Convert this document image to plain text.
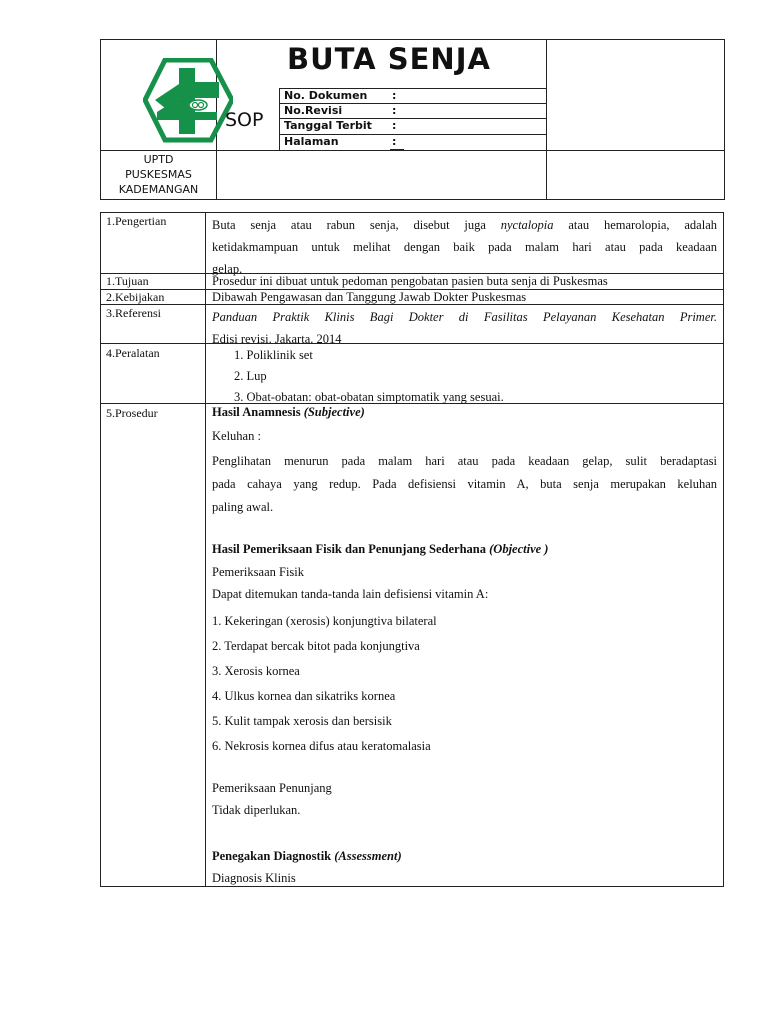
BUTA SENJA
SOP
No. Dokumen :
No.Revisi	:
Tanggal Terbit :
Halaman	:
UPTD
PUSKESMAS
KADEMANGAN
1.Pengertian	Buta senja atau rabun senja, disebut juga nyctalopia atau hemarolopia, adalah
ketidakmampuan untuk melihat dengan baik pada malam hari atau pada keadaan
gelap.
1.Tujuan	Prosedur ini dibuat untuk pedoman pengobatan pasien buta senja di Puskesmas
2.Kebijakan	Dibawah Pengawasan dan Tanggung Jawab Dokter Puskesmas
3.Referensi	Panduan Praktik Klinis Bagi Dokter di Fasilitas Pelayanan Kesehatan Primer.
Edisi revisi. Jakarta. 2014
4.Peralatan	1. Poliklinik set
2. Lup
3. Obat-obatan: obat-obatan simptomatik yang sesuai.
5.Prosedur	Hasil Anamnesis (Subjective)
Keluhan :
Penglihatan menurun pada malam hari atau pada keadaan gelap, sulit beradaptasi
pada cahaya yang redup. Pada defisiensi vitamin A, buta senja merupakan keluhan
paling awal.
Hasil Pemeriksaan Fisik dan Penunjang Sederhana (Objective )
Pemeriksaan Fisik
Dapat ditemukan tanda-tanda lain defisiensi vitamin A:
1. Kekeringan (xerosis) konjungtiva bilateral
2. Terdapat bercak bitot pada konjungtiva
3. Xerosis kornea
4. Ulkus kornea dan sikatriks kornea
5. Kulit tampak xerosis dan bersisik
6. Nekrosis kornea difus atau keratomalasia
Pemeriksaan Penunjang
Tidak diperlukan.
Penegakan Diagnostik (Assessment)
Diagnosis Klinis
